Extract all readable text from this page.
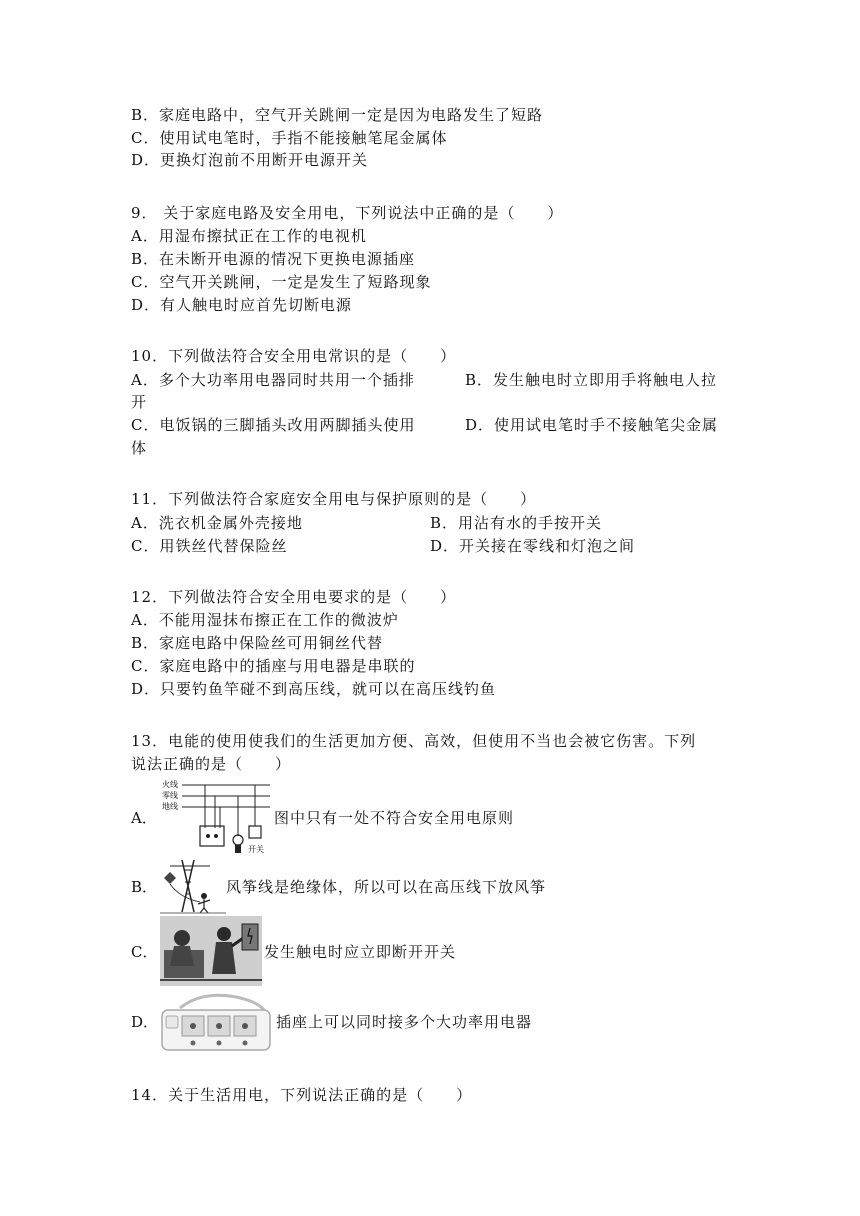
B．家庭电路中，空气开关跳闸一定是因为电路发生了短路
C．使用试电笔时，手指不能接触笔尾金属体
D．更换灯泡前不用断开电源开关
9． 关于家庭电路及安全用电，下列说法中正确的是（　　）
A．用湿布擦拭正在工作的电视机
B．在未断开电源的情况下更换电源插座
C．空气开关跳闸，一定是发生了短路现象
D．有人触电时应首先切断电源
10．下列做法符合安全用电常识的是（　　）
A．多个大功率用电器同时共用一个插排	B．发生触电时立即用手将触电人拉
开
C．电饭锅的三脚插头改用两脚插头使用	D．使用试电笔时手不接触笔尖金属
体
11．下列做法符合家庭安全用电与保护原则的是（　　）
A．洗衣机金属外壳接地	B．用沾有水的手按开关
C．用铁丝代替保险丝	D．开关接在零线和灯泡之间
12．下列做法符合安全用电要求的是（　　）
A．不能用湿抹布擦正在工作的微波炉
B．家庭电路中保险丝可用铜丝代替
C．家庭电路中的插座与用电器是串联的
D．只要钓鱼竿碰不到高压线，就可以在高压线钓鱼
13．电能的使用使我们的生活更加方便、高效，但使用不当也会被它伤害。下列
说法正确的是（　　）
A．
火线
零线
地线
开关
图中只有一处不符合安全用电原则
B．	风筝线是绝缘体，所以可以在高压线下放风筝
C．	发生触电时应立即断开开关
D．	插座上可以同时接多个大功率用电器
14．关于生活用电，下列说法正确的是（　　）
